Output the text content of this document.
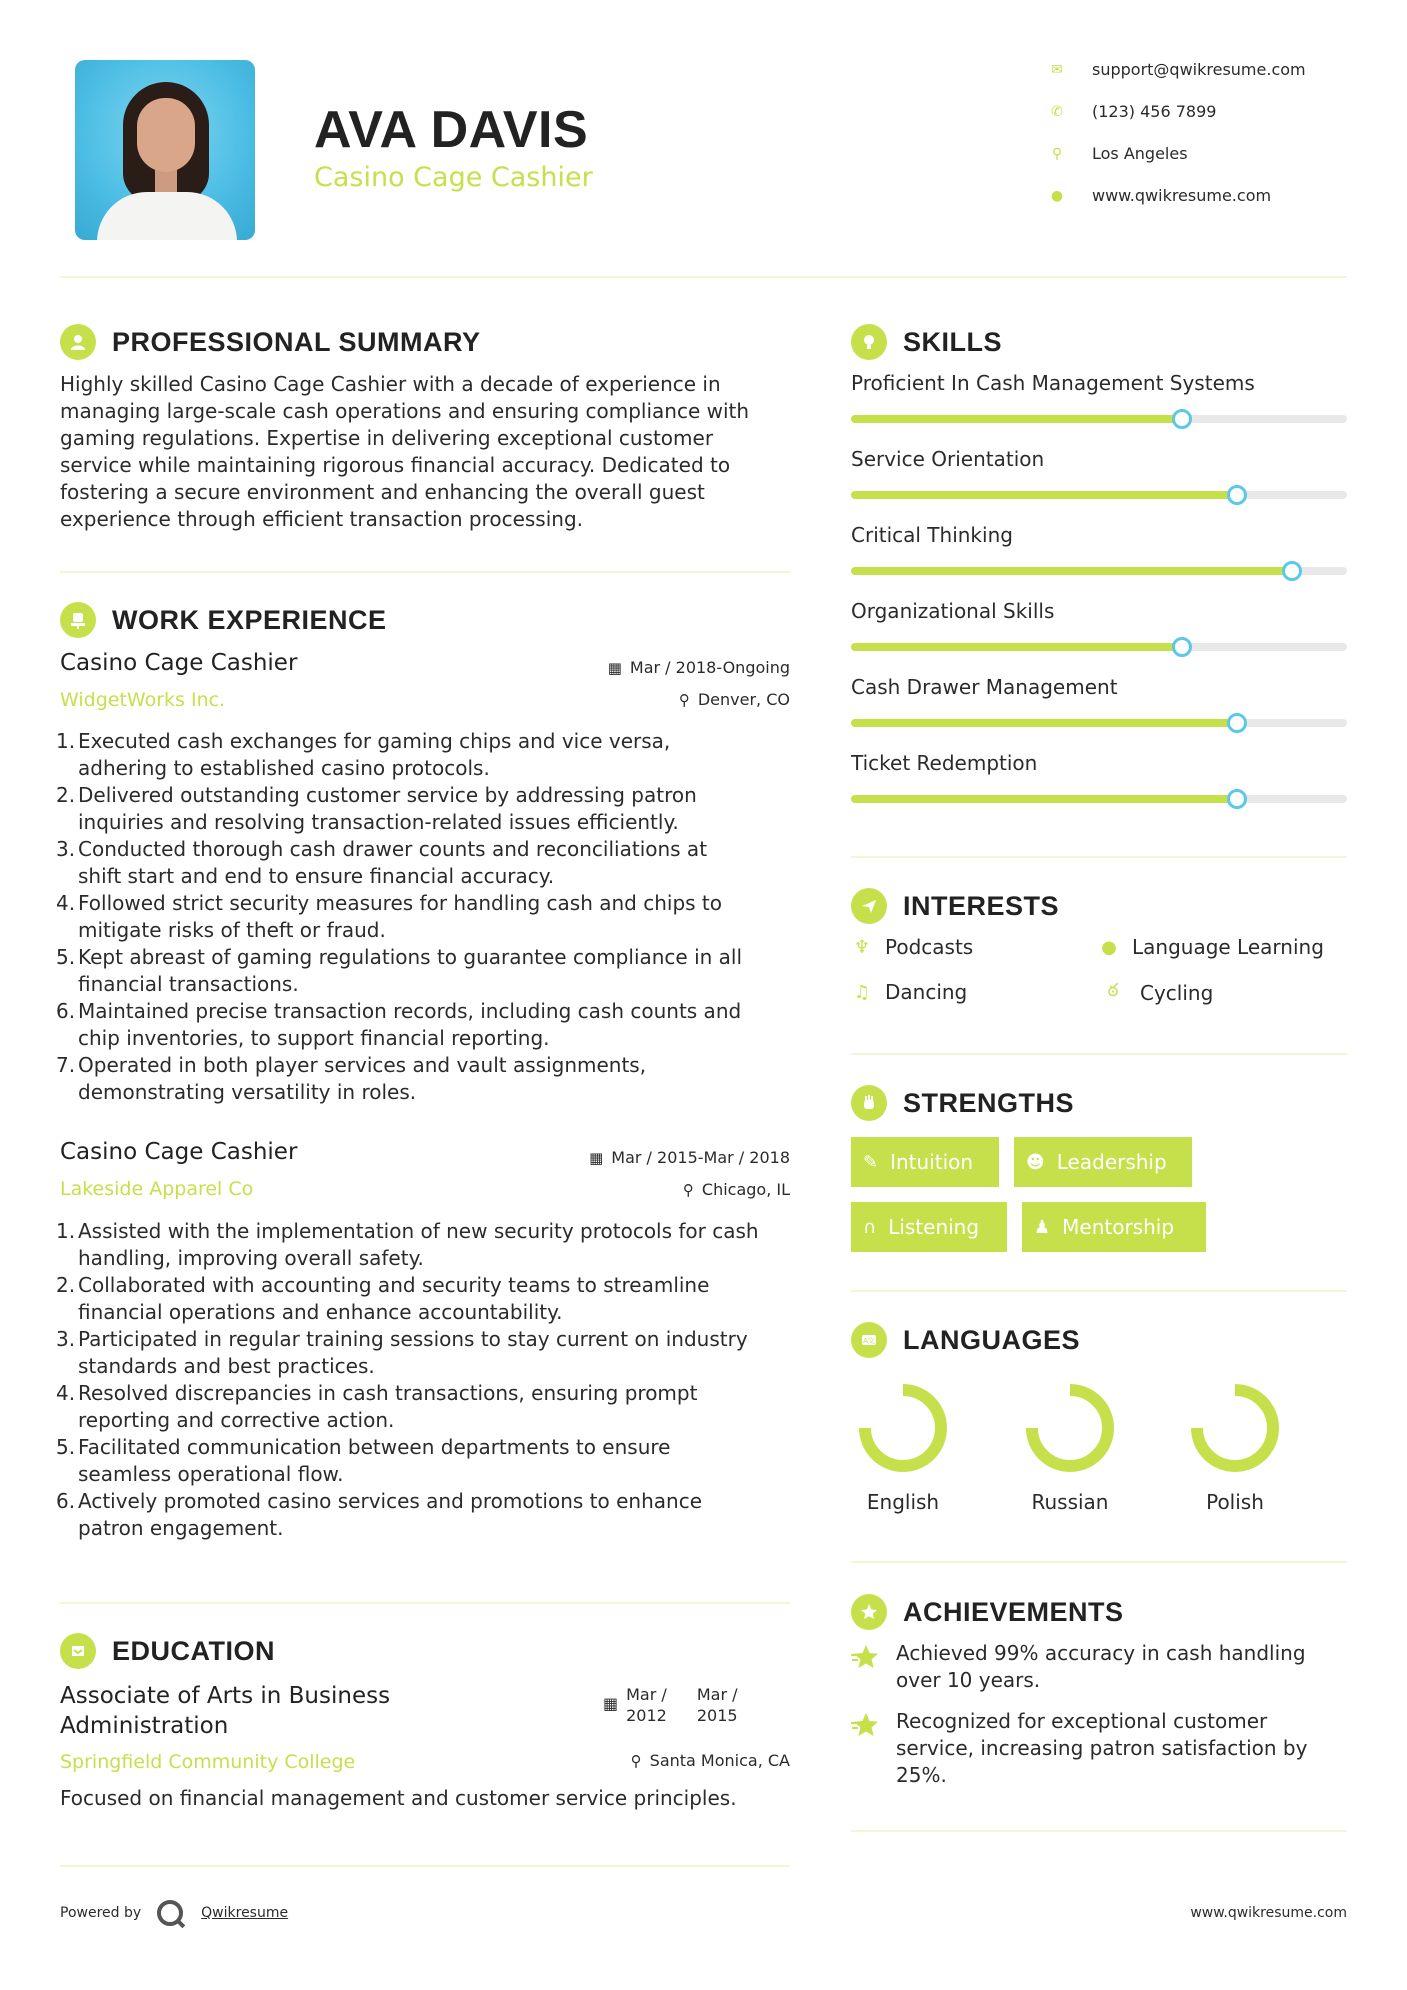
AVA DAVIS
Casino Cage Cashier
✉ support@qwikresume.com
✆ (123) 456 7899
⚲ Los Angeles
● www.qwikresume.com
PROFESSIONAL SUMMARY
Highly skilled Casino Cage Cashier with a decade of experience in
managing large-scale cash operations and ensuring compliance with
gaming regulations. Expertise in delivering exceptional customer
service while maintaining rigorous financial accuracy. Dedicated to
fostering a secure environment and enhancing the overall guest
experience through efficient transaction processing.
WORK EXPERIENCE
Casino Cage Cashier
WidgetWorks Inc.
▦ Mar / 2018-Ongoing
⚲ Denver, CO
1. Executed cash exchanges for gaming chips and vice versa,
adhering to established casino protocols.
2. Delivered outstanding customer service by addressing patron
inquiries and resolving transaction-related issues efficiently.
3. Conducted thorough cash drawer counts and reconciliations at
shift start and end to ensure financial accuracy.
4. Followed strict security measures for handling cash and chips to
mitigate risks of theft or fraud.
5. Kept abreast of gaming regulations to guarantee compliance in all
financial transactions.
6. Maintained precise transaction records, including cash counts and
chip inventories, to support financial reporting.
7. Operated in both player services and vault assignments,
demonstrating versatility in roles.
Casino Cage Cashier
Lakeside Apparel Co
▦ Mar / 2015-Mar / 2018
⚲ Chicago, IL
1. Assisted with the implementation of new security protocols for cash
handling, improving overall safety.
2. Collaborated with accounting and security teams to streamline
financial operations and enhance accountability.
3. Participated in regular training sessions to stay current on industry
standards and best practices.
4. Resolved discrepancies in cash transactions, ensuring prompt
reporting and corrective action.
5. Facilitated communication between departments to ensure
seamless operational flow.
6. Actively promoted casino services and promotions to enhance
patron engagement.
EDUCATION
Associate of Arts in Business
Administration
Springfield Community College
▦ Mar /
2012
Mar /
2015
⚲ Santa Monica, CA
Focused on financial management and customer service principles.
SKILLS
Proficient In Cash Management Systems
Service Orientation
Critical Thinking
Organizational Skills
Cash Drawer Management
Ticket Redemption
INTERESTS
♆ Podcasts	● Language Learning
♫ Dancing	ఠ	Cycling
STRENGTHS
✎ Intuition	☻ Leadership
∩ Listening	♟ Mentorship
A文 LANGUAGES
English	Russian	Polish
ACHIEVEMENTS
Achieved 99% accuracy in cash handling
over 10 years.
Recognized for exceptional customer
service, increasing patron satisfaction by
25%.
Powered by	Qwikresume	www.qwikresume.com
